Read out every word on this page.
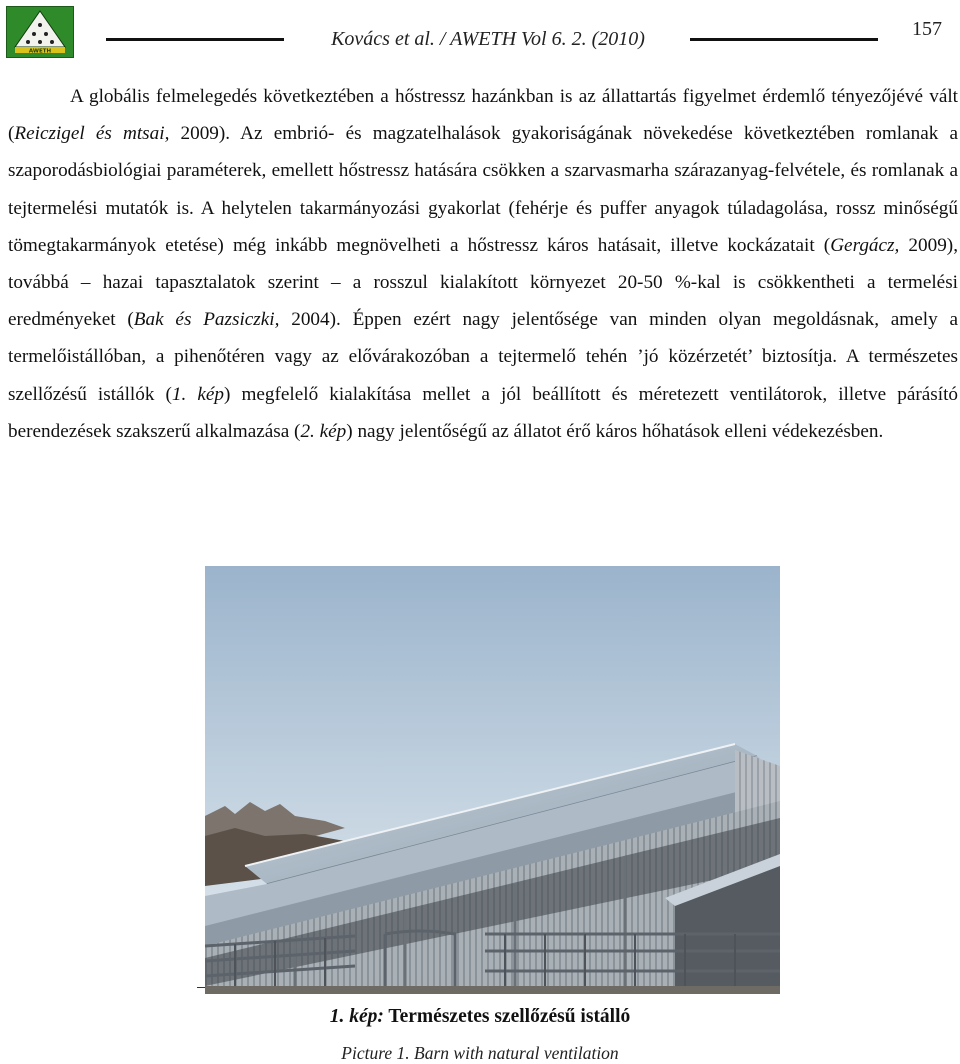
AWETH
Kovács et al. / AWETH Vol 6. 2. (2010)	157

A globális felmelegedés következtében a hőstressz hazánkban is az állattartás figyelmet érdemlő tényezőjévé vált (Reiczigel és mtsai, 2009). Az embrió- és magzatelhalások gyakoriságának növekedése következtében romlanak a szaporodásbiológiai paraméterek, emellett hőstressz hatására csökken a szarvasmarha szárazanyag-felvétele, és romlanak a tejtermelési mutatók is. A helytelen takarmányozási gyakorlat (fehérje és puffer anyagok túladagolása, rossz minőségű tömegtakarmányok etetése) még inkább megnövelheti a hőstressz káros hatásait, illetve kockázatait (Gergácz, 2009), továbbá – hazai tapasztalatok szerint – a rosszul kialakított környezet 20-50 %-kal is csökkentheti a termelési eredményeket (Bak és Pazsiczki, 2004). Éppen ezért nagy jelentősége van minden olyan megoldásnak, amely a termelőistállóban, a pihenőtéren vagy az elővárakozóban a tejtermelő tehén ’jó közérzetét’ biztosítja. A természetes szellőzésű istállók (1. kép) megfelelő kialakítása mellet a jól beállított és méretezett ventilátorok, illetve párásító berendezések szakszerű alkalmazása (2. kép) nagy jelentőségű az állatot érő káros hőhatások elleni védekezésben.

1. kép: Természetes szellőzésű istálló
Picture 1. Barn with natural ventilation
